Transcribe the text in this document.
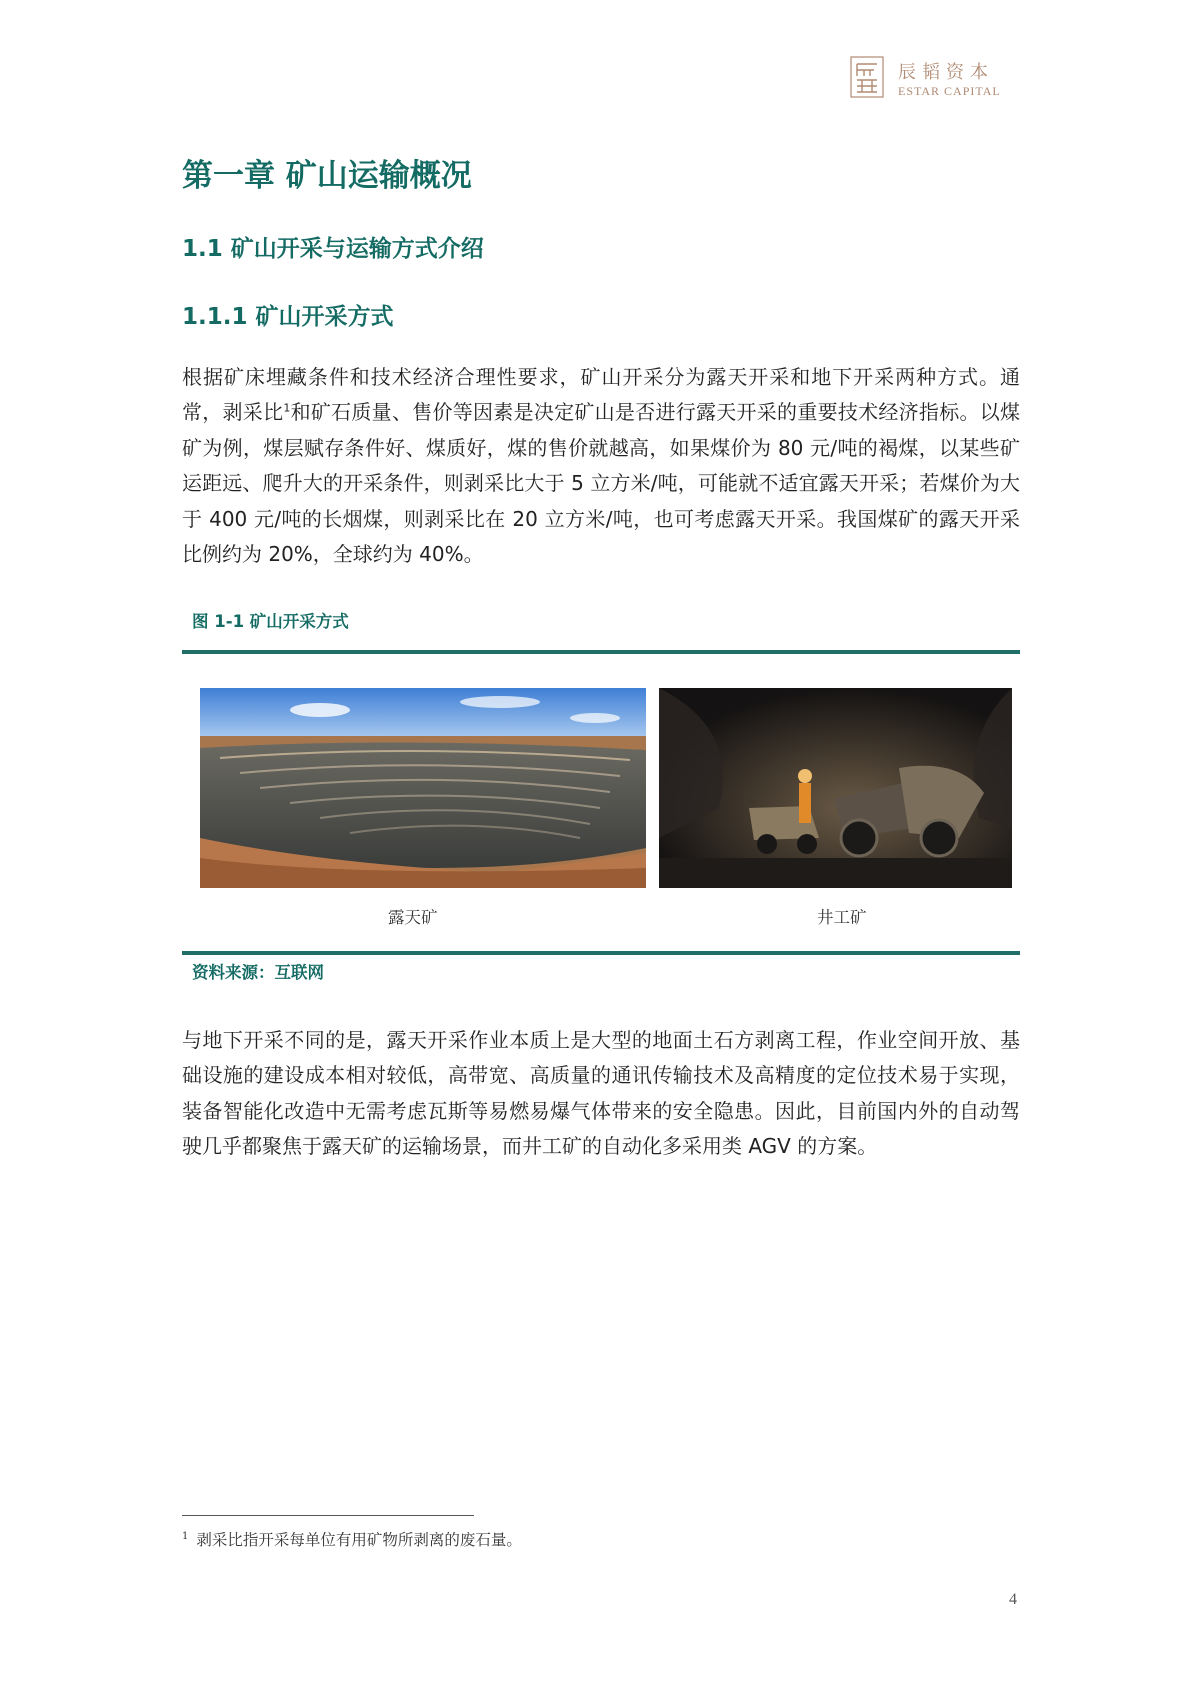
辰韬资本
ESTAR CAPITAL
第一章 矿山运输概况
1.1 矿山开采与运输方式介绍
1.1.1 矿山开采方式
根据矿床埋藏条件和技术经济合理性要求，矿山开采分为露天开采和地下开采两种方式。通常，剥采比$^1$和矿石质量、售价等因素是决定矿山是否进行露天开采的重要技术经济指标。以煤矿为例，煤层赋存条件好、煤质好，煤的售价就越高，如果煤价为 80 元/吨的褐煤，以某些矿运距远、爬升大的开采条件，则剥采比大于 5 立方米/吨，可能就不适宜露天开采；若煤价为大于 400 元/吨的长烟煤，则剥采比在 20 立方米/吨，也可考虑露天开采。我国煤矿的露天开采比例约为 20%，全球约为 40%。
图 1-1 矿山开采方式
露天矿	井工矿
资料来源：互联网
与地下开采不同的是，露天开采作业本质上是大型的地面土石方剥离工程，作业空间开放、基础设施的建设成本相对较低，高带宽、高质量的通讯传输技术及高精度的定位技术易于实现，装备智能化改造中无需考虑瓦斯等易燃易爆气体带来的安全隐患。因此，目前国内外的自动驾驶几乎都聚焦于露天矿的运输场景，而井工矿的自动化多采用类 AGV 的方案。
$^1$ 剥采比指开采每单位有用矿物所剥离的废石量。
4
